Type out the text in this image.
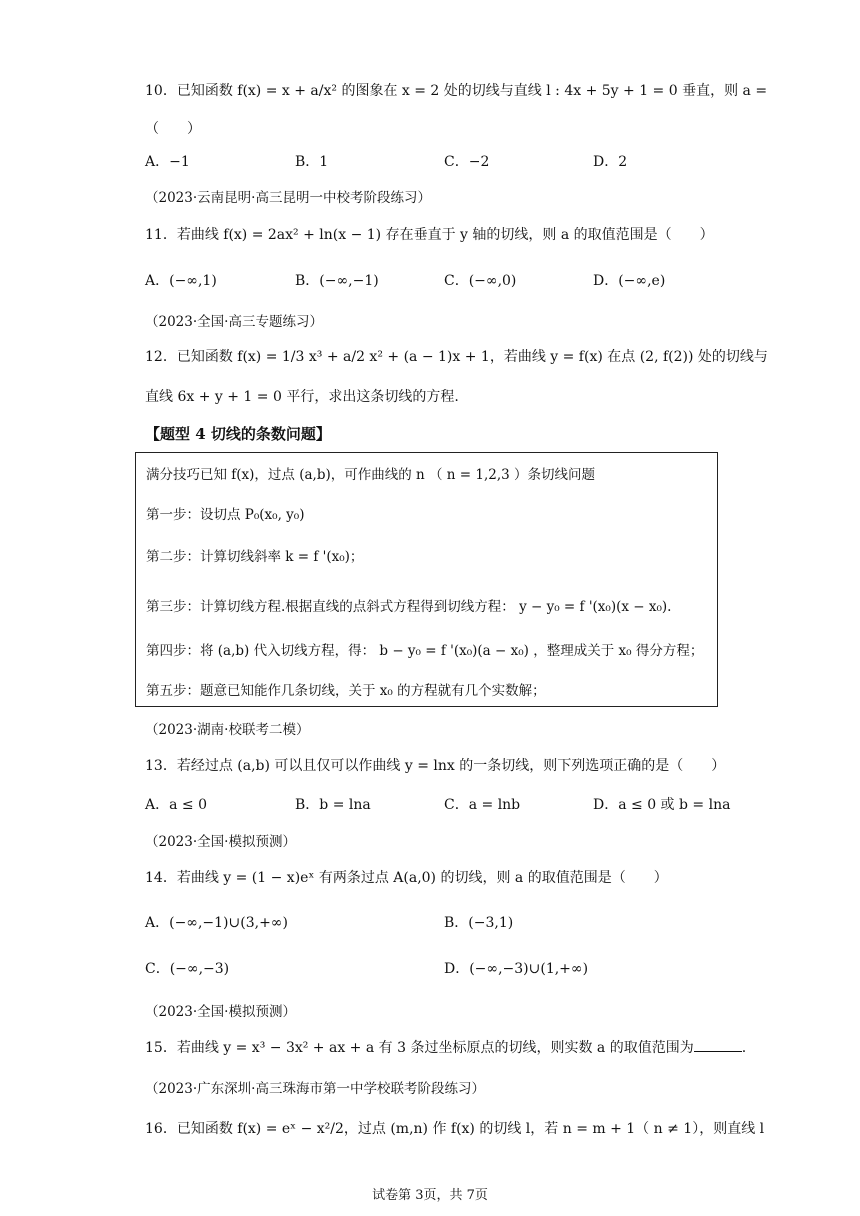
10．已知函数 f(x) = x + a/x² 的图象在 x = 2 处的切线与直线 l : 4x + 5y + 1 = 0 垂直，则 a =
（　　）
A．−1	B．1	C．−2	D．2
（2023·云南昆明·高三昆明一中校考阶段练习）
11．若曲线 f(x) = 2ax² + ln(x − 1) 存在垂直于 y 轴的切线，则 a 的取值范围是（　　）
A．(−∞,1)	B．(−∞,−1)	C．(−∞,0)	D．(−∞,e)
（2023·全国·高三专题练习）
12．已知函数 f(x) = 1/3 x³ + a/2 x² + (a − 1)x + 1，若曲线 y = f(x) 在点 (2, f(2)) 处的切线与
直线 6x + y + 1 = 0 平行，求出这条切线的方程.
【题型 4 切线的条数问题】
满分技巧已知 f(x)，过点 (a,b)，可作曲线的 n （ n = 1,2,3 ）条切线问题
第一步：设切点 P₀(x₀, y₀)
第二步：计算切线斜率 k = f '(x₀)；
第三步：计算切线方程.根据直线的点斜式方程得到切线方程： y − y₀ = f '(x₀)(x − x₀).
第四步：将 (a,b) 代入切线方程，得： b − y₀ = f '(x₀)(a − x₀) ，整理成关于 x₀ 得分方程；
第五步：题意已知能作几条切线，关于 x₀ 的方程就有几个实数解；
（2023·湖南·校联考二模）
13．若经过点 (a,b) 可以且仅可以作曲线 y = lnx 的一条切线，则下列选项正确的是（　　）
A．a ≤ 0	B．b = lna	C．a = lnb	D．a ≤ 0 或 b = lna
（2023·全国·模拟预测）
14．若曲线 y = (1 − x)eˣ 有两条过点 A(a,0) 的切线，则 a 的取值范围是（　　）
A．(−∞,−1)∪(3,+∞)	B．(−3,1)
C．(−∞,−3)	D．(−∞,−3)∪(1,+∞)
（2023·全国·模拟预测）
15．若曲线 y = x³ − 3x² + ax + a 有 3 条过坐标原点的切线，则实数 a 的取值范围为	.
（2023·广东深圳·高三珠海市第一中学校联考阶段练习）
16．已知函数 f(x) = eˣ − x²/2，过点 (m,n) 作 f(x) 的切线 l，若 n = m + 1（ n ≠ 1），则直线 l
试卷第 3页，共 7页
